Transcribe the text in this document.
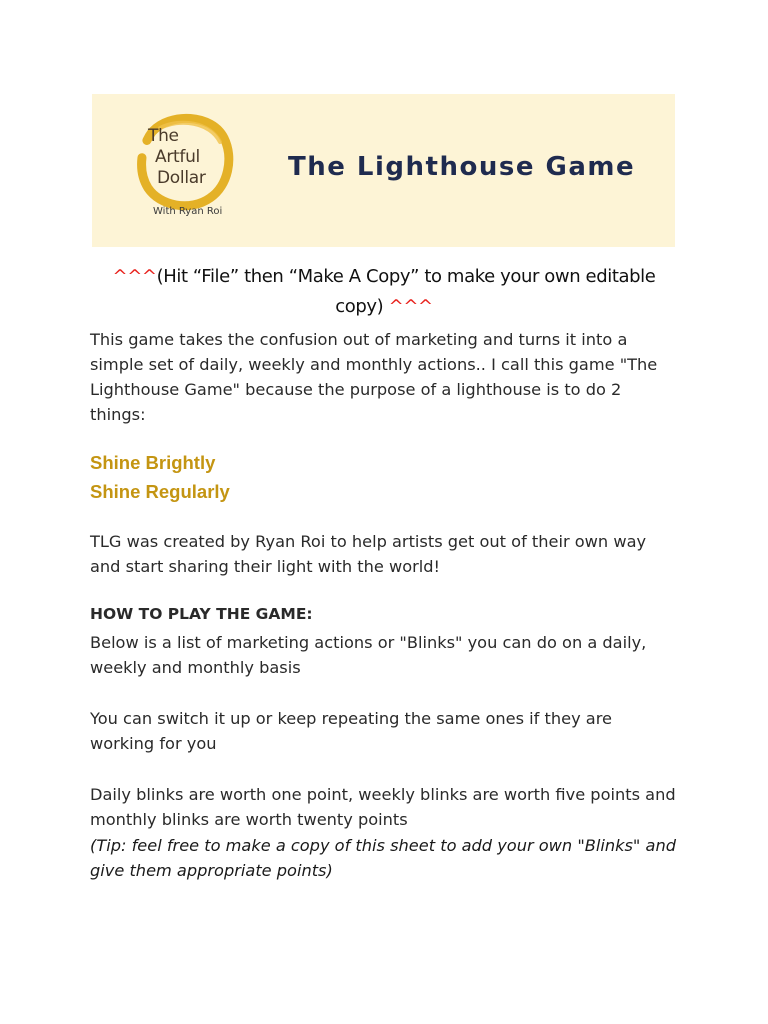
The
Artful
Dollar
With Ryan Roi
The Lighthouse Game
^^^(Hit “File” then “Make A Copy” to make your own editable copy) ^^^

This game takes the confusion out of marketing and turns it into a simple set of daily, weekly and monthly actions.. I call this game "The Lighthouse Game" because the purpose of a lighthouse is to do 2 things:

Shine Brightly
Shine Regularly

TLG was created by Ryan Roi to help artists get out of their own way and start sharing their light with the world!

HOW TO PLAY THE GAME:

Below is a list of marketing actions or "Blinks" you can do on a daily, weekly and monthly basis

You can switch it up or keep repeating the same ones if they are working for you

Daily blinks are worth one point, weekly blinks are worth five points and monthly blinks are worth twenty points

(Tip: feel free to make a copy of this sheet to add your own "Blinks" and give them appropriate points)
